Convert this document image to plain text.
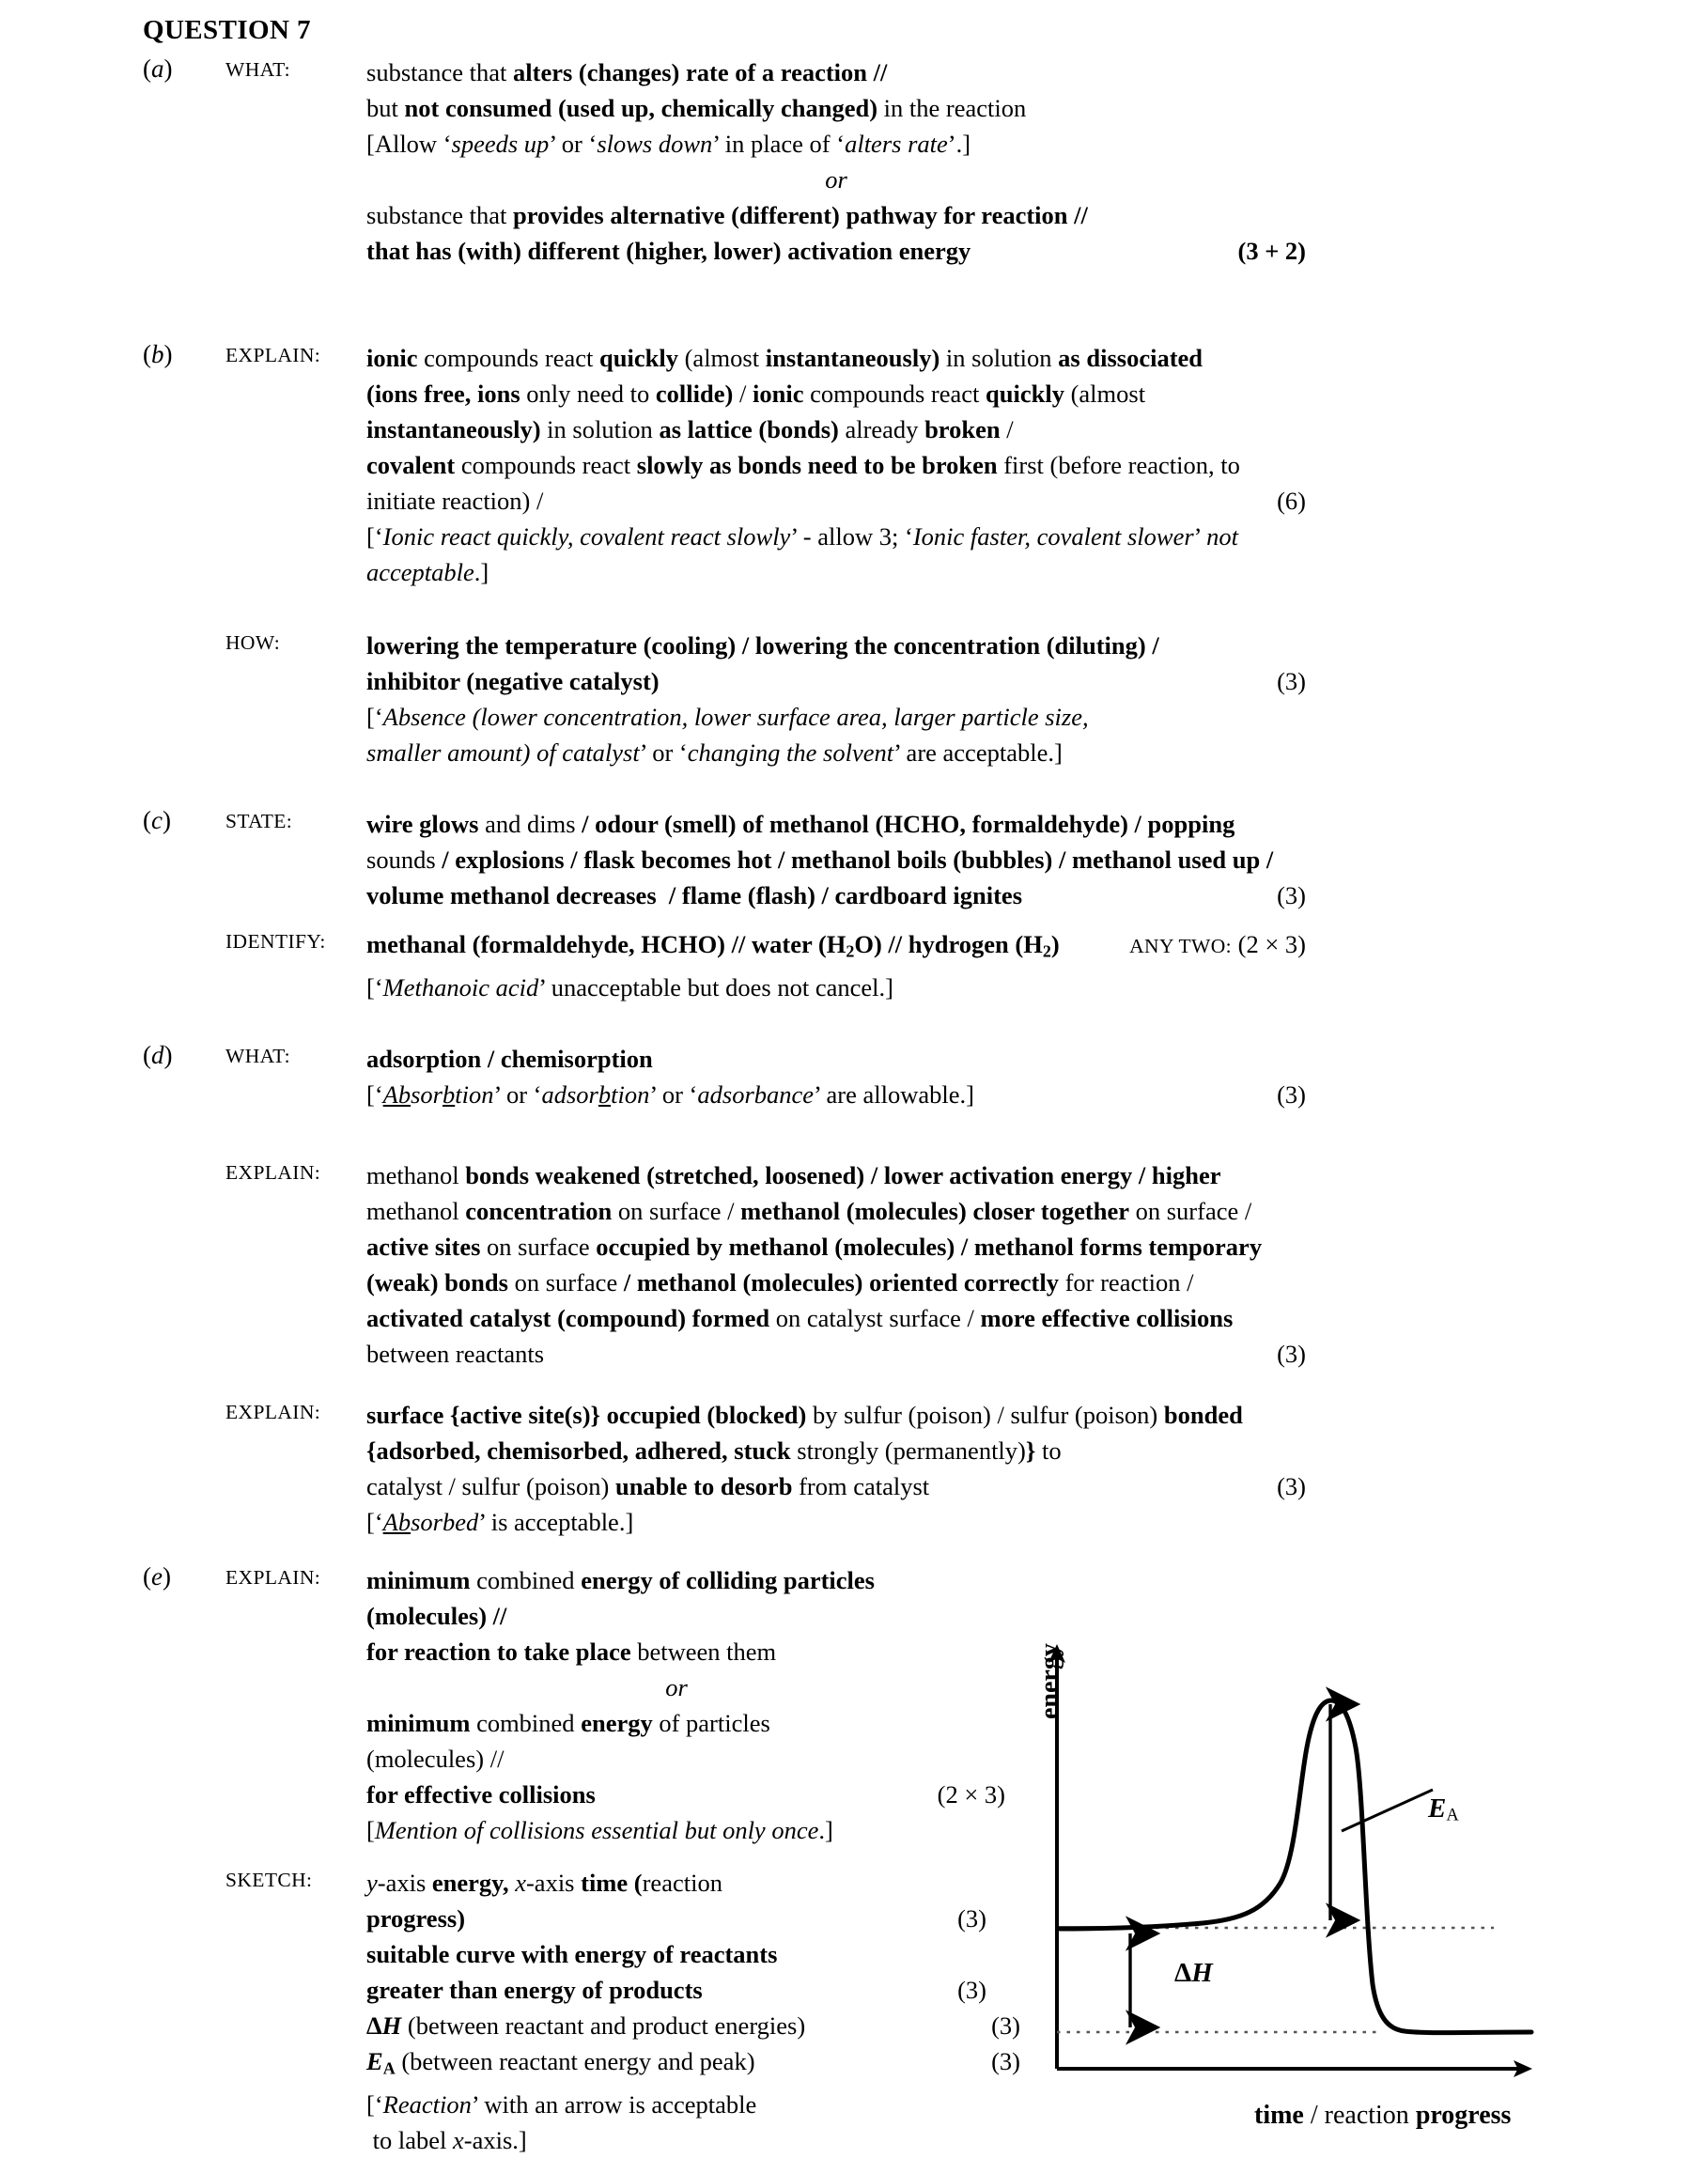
QUESTION 7
(a)	WHAT:	substance that alters (changes) rate of a reaction //
but not consumed (used up, chemically changed) in the reaction
[Allow ‘speeds up’ or ‘slows down’ in place of ‘alters rate’.]
or
substance that provides alternative (different) pathway for reaction //
that has (with) different (higher, lower) activation energy	(3 + 2)
(b)	EXPLAIN:	ionic compounds react quickly (almost instantaneously) in solution as dissociated
(ions free, ions only need to collide) / ionic compounds react quickly (almost
instantaneously) in solution as lattice (bonds) already broken /
covalent compounds react slowly as bonds need to be broken first (before reaction, to
initiate reaction) /	(6)
[‘Ionic react quickly, covalent react slowly’ - allow 3; ‘Ionic faster, covalent slower’ not
acceptable.]
HOW:	lowering the temperature (cooling) / lowering the concentration (diluting) /
inhibitor (negative catalyst)	(3)
[‘Absence (lower concentration, lower surface area, larger particle size,
smaller amount) of catalyst’ or ‘changing the solvent’ are acceptable.]
(c)	STATE:	wire glows and dims / odour (smell) of methanol (HCHO, formaldehyde) / popping
sounds / explosions / flask becomes hot / methanol boils (bubbles) / methanol used up /
volume methanol decreases  / flame (flash) / cardboard ignites	(3)
IDENTIFY:	methanal (formaldehyde, HCHO) // water $(H_2O)$ // hydrogen $(H_2)$	ANY TWO: (2 × 3)
[‘Methanoic acid’ unacceptable but does not cancel.]
(d)	WHAT:	adsorption / chemisorption
[‘Absorbtion’ or ‘adsorbtion’ or ‘adsorbance’ are allowable.]	(3)
EXPLAIN:	methanol bonds weakened (stretched, loosened) / lower activation energy / higher
methanol concentration on surface / methanol (molecules) closer together on surface /
active sites on surface occupied by methanol (molecules) / methanol forms temporary
(weak) bonds on surface / methanol (molecules) oriented correctly for reaction /
activated catalyst (compound) formed on catalyst surface / more effective collisions
between reactants	(3)
EXPLAIN:	surface {active site(s)} occupied (blocked) by sulfur (poison) / sulfur (poison) bonded
{adsorbed, chemisorbed, adhered, stuck strongly (permanently)} to
catalyst / sulfur (poison) unable to desorb from catalyst	(3)
[‘Absorbed’ is acceptable.]
(e)	EXPLAIN:	minimum combined energy of colliding particles (molecules) //
for reaction to take place between them
or
minimum combined energy of particles
(molecules) //
for effective collisions	(2 × 3)
[Mention of collisions essential but only once.]
SKETCH:	y-axis energy, x-axis time (reaction
progress)	(3)
suitable curve with energy of reactants
greater than energy of products	(3)
ΔH (between reactant and product energies)	(3)
$E_A$ (between reactant energy and peak)	(3)
[‘Reaction’ with an arrow is acceptable
to label x-axis.]
energy
time / reaction progress
$E_A$
ΔH
